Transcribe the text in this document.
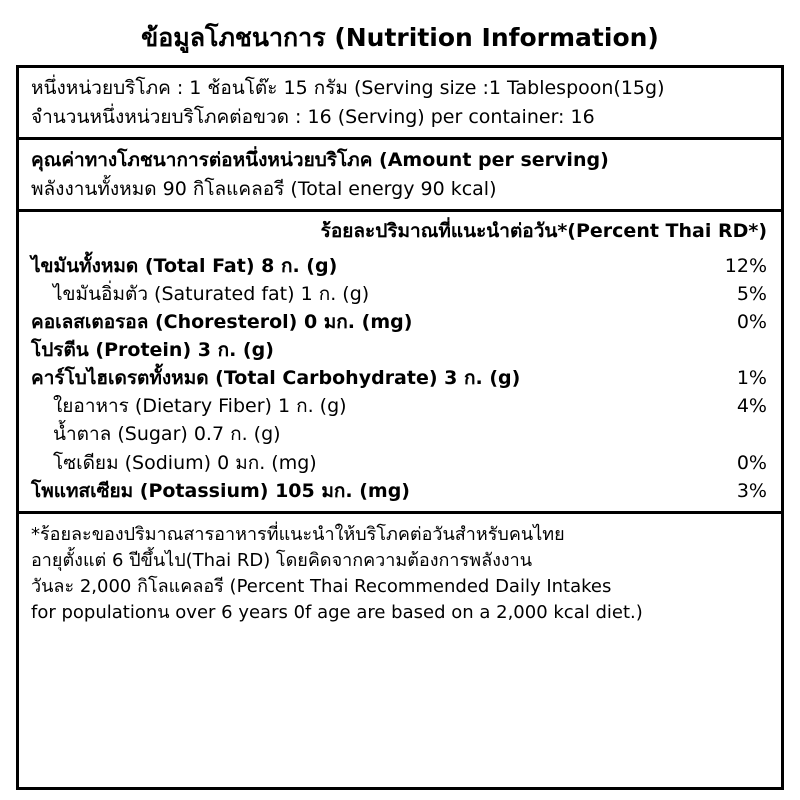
ข้อมูลโภชนาการ (Nutrition Information)
หนึ่งหน่วยบริโภค : 1 ช้อนโต๊ะ 15 กรัม (Serving size :1 Tablespoon(15g)
จำนวนหนึ่งหน่วยบริโภคต่อขวด : 16 (Serving) per container: 16
คุณค่าทางโภชนาการต่อหนึ่งหน่วยบริโภค (Amount per serving)
พลังงานทั้งหมด 90 กิโลแคลอรี (Total energy 90 kcal)
ร้อยละปริมาณที่แนะนำต่อวัน*(Percent Thai RD*)
ไขมันทั้งหมด (Total Fat) 8 ก. (g)	12%
ไขมันอิ่มตัว (Saturated fat) 1 ก. (g)	5%
คอเลสเตอรอล (Choresterol) 0 มก. (mg)	0%
โปรตีน (Protein) 3 ก. (g)
คาร์โบไฮเดรตทั้งหมด (Total Carbohydrate) 3 ก. (g)	1%
ใยอาหาร (Dietary Fiber) 1 ก. (g)	4%
น้ำตาล (Sugar) 0.7 ก. (g)
โซเดียม (Sodium) 0 มก. (mg)	0%
โพแทสเซียม (Potassium) 105 มก. (mg)	3%
*ร้อยละของปริมาณสารอาหารที่แนะนำให้บริโภคต่อวันสำหรับคนไทย
อายุตั้งแต่ 6 ปีขึ้นไป(Thai RD) โดยคิดจากความต้องการพลังงาน
วันละ 2,000 กิโลแคลอรี (Percent Thai Recommended Daily Intakes
for populationน over 6 years 0f age are based on a 2,000 kcal diet.)
